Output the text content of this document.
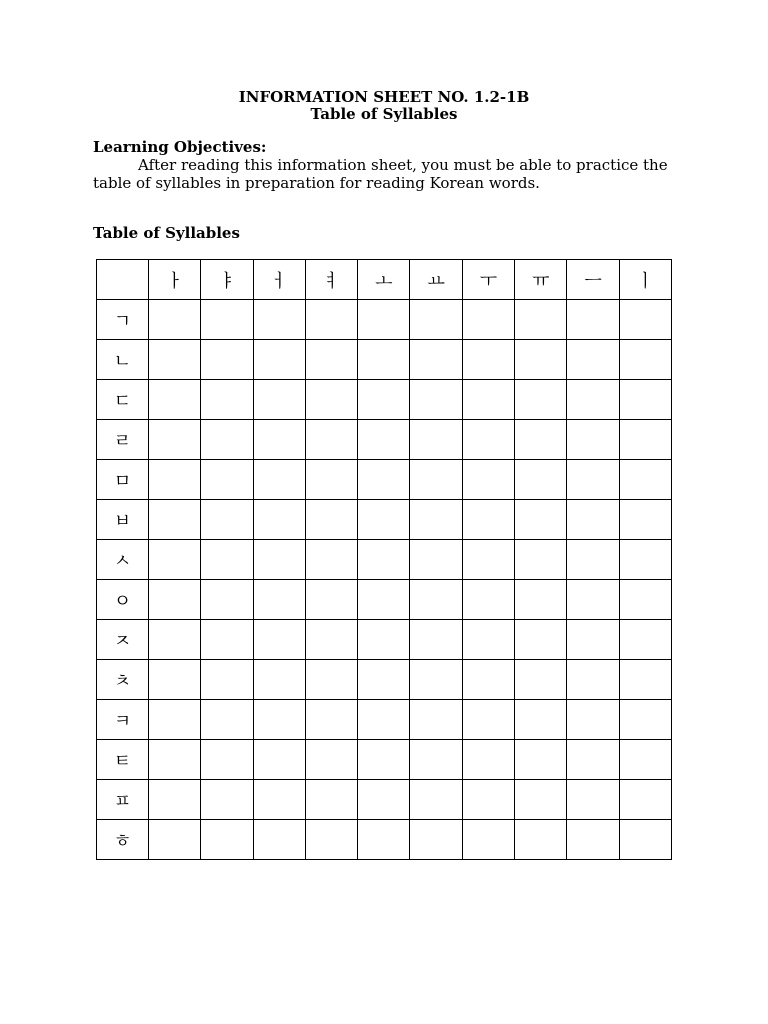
INFORMATION SHEET NO. 1.2-1B
Table of Syllables
Learning Objectives:
After reading this information sheet, you must be able to practice the table of syllables in preparation for reading Korean words.
Table of Syllables
	ㅏ	ㅑ	ㅓ	ㅕ	ㅗ	ㅛ	ㅜ	ㅠ	ㅡ	ㅣ
ㄱ										
ㄴ										
ㄷ										
ㄹ										
ㅁ										
ㅂ										
ㅅ										
ㅇ										
ㅈ										
ㅊ										
ㅋ										
ㅌ										
ㅍ										
ㅎ										
